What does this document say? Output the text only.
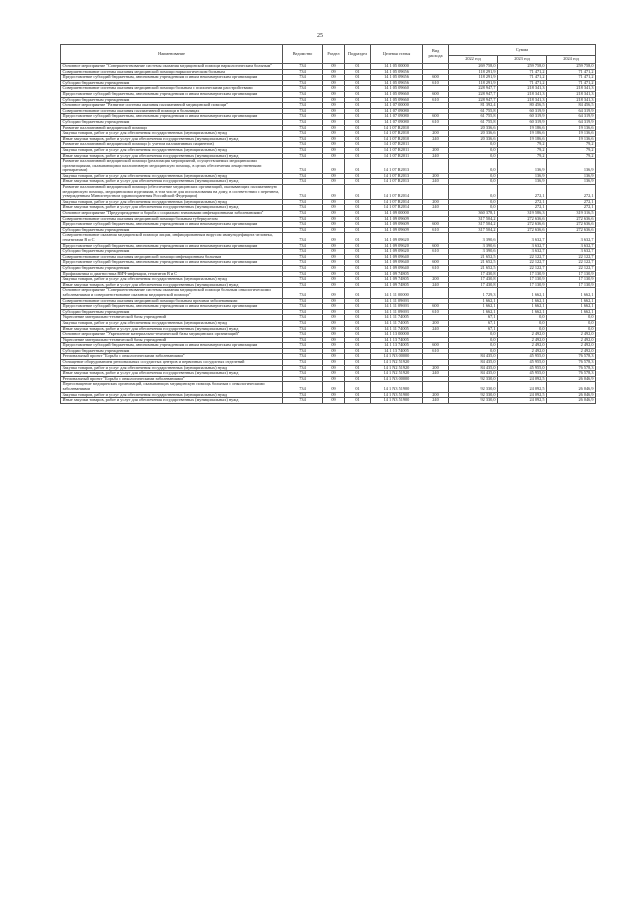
25
Наименование	Ведомство	Раздел	Подраздел	Целевая статья	Вид расхода	Сумма		
						2022 год	2023 год	2024 год
Основное мероприятие "Совершенствование системы оказания медицинской помощи наркологическим больным"	734	09	01	14 1 05 00000		269 758,0	259 758,0	259 758,0
Совершенствование системы оказания медицинской помощи наркологическим больным	734	09	01	14 1 05 09656		118 291,9	71 471,2	71 471,2
Предоставление субсидий бюджетным, автономным учреждениям и иным некоммерческим организациям	734	09	01	14 1 05 09656	600	118 291,9	71 471,2	71 471,2
Субсидии бюджетным учреждениям	734	09	01	14 1 05 09656	610	118 291,9	71 471,2	71 471,2
Совершенствование системы оказания медицинской помощи больным с психическими расстройствами	734	09	01	14 1 05 09660		228 947,7	218 341,3	218 341,3
Предоставление субсидий бюджетным, автономным учреждениям и иным некоммерческим организациям	734	09	01	14 1 05 09660	600	228 947,7	218 341,3	218 341,3
Субсидии бюджетным учреждениям	734	09	01	14 1 05 09660	610	228 947,7	218 341,3	218 341,3
Основное мероприятие "Развитие системы оказания паллиативной медицинской помощи"	734	09	01	14 1 07 00000		81 392,4	80 456,5	84 456,5
Совершенствование системы оказания паллиативной помощи в больницах	734	09	01	14 1 07 09080		61 755,8	60 319,9	64 319,9
Предоставление субсидий бюджетным, автономным учреждениям и иным некоммерческим организациям	734	09	01	14 1 07 09080	600	61 755,8	60 319,9	64 319,9
Субсидии бюджетным учреждениям	734	09	01	14 1 07 09080	610	61 755,8	60 319,9	64 319,9
Развитие паллиативной медицинской помощи	734	09	01	14 1 07 R2010		20 336,6	19 186,6	19 136,6
Закупка товаров, работ и услуг для обеспечения государственных (муниципальных) нужд	734	09	01	14 1 07 R2010	200	20 336,6	19 186,6	19 136,6
Иные закупки товаров, работ и услуг для обеспечения государственных (муниципальных) нужд	734	09	01	14 1 07 R2010	240	20 336,6	19 186,6	19 136,6
Развитие паллиативной медицинской помощи (с учетом паллиативных пациентов)	734	09	01	14 1 07 R2011		0,0	79,2	79,2
Закупка товаров, работ и услуг для обеспечения государственных (муниципальных) нужд	734	09	01	14 1 07 R2011	200	0,0	79,2	79,2
Иные закупки товаров, работ и услуг для обеспечения государственных (муниципальных) нужд	734	09	01	14 1 07 R2011	240	0,0	79,2	79,2
Развитие паллиативной медицинской помощи (реализация мероприятий, осуществляемых медицинскими организациями, оказывающими паллиативную медицинскую помощь, в целях обеспечения лекарственными препаратами)	734	09	01	14 1 07 R2013		0,0	136,9	136,9
Закупка товаров, работ и услуг для обеспечения государственных (муниципальных) нужд	734	09	01	14 1 07 R2013	200	0,0	136,9	136,9
Иные закупки товаров, работ и услуг для обеспечения государственных (муниципальных) нужд	734	09	01	14 1 07 R2013	240	0,0	136,9	136,9
Развитие паллиативной медицинской помощи (обеспечение медицинских организаций, оказывающих паллиативную медицинскую помощь, медицинскими изделиями, в том числе для использования на дому, в соответствии с перечнем, утвержденным Министерством здравоохранения Российской Федерации)	734	09	01	14 1 07 R2014		0,0	272,1	272,1
Закупка товаров, работ и услуг для обеспечения государственных (муниципальных) нужд	734	09	01	14 1 07 R2014	200	0,0	272,1	272,1
Иные закупки товаров, работ и услуг для обеспечения государственных (муниципальных) нужд	734	09	01	14 1 07 R2014	240	0,0	272,1	272,1
Основное мероприятие "Предупреждение и борьба с социально значимыми инфекционными заболеваниями"	734	09	01	14 1 09 00000		360 378,1	319 586,3	319 316,5
Совершенствование системы оказания медицинской помощи больным туберкулезом	734	09	01	14 1 09 09609		317 504,2	272 636,6	272 636,6
Предоставление субсидий бюджетным, автономным учреждениям и иным некоммерческим организациям	734	09	01	14 1 09 09609	600	317 504,2	272 636,6	272 636,6
Субсидии бюджетным учреждениям	734	09	01	14 1 09 09609	610	317 504,2	272 636,6	272 636,6
Совершенствование оказания медицинской помощи лицам, инфицированным вирусом иммунодефицита человека, гепатитами B и C	734	09	01	14 1 09 09620		3 390,6	3 632,7	3 632,7
Предоставление субсидий бюджетным, автономным учреждениям и иным некоммерческим организациям	734	09	01	14 1 09 09620	600	3 390,6	3 632,7	3 632,7
Субсидии бюджетным учреждениям	734	09	01	14 1 09 09620	610	3 390,6	3 632,7	3 632,7
Совершенствование системы оказания медицинской помощи инфекционным больным	734	09	01	14 1 09 09640		21 652,5	22 122,7	22 122,7
Предоставление субсидий бюджетным, автономным учреждениям и иным некоммерческим организациям	734	09	01	14 1 09 09640	600	21 652,5	22 122,7	22 122,7
Субсидии бюджетным учреждениям	734	09	01	14 1 09 09640	610	21 652,5	22 122,7	22 122,7
Профилактика и диагностика ВИЧ-инфекции, гепатитов B и C	734	09	01	14 1 09 74805		17 430,8	17 130,9	17 130,9
Закупка товаров, работ и услуг для обеспечения государственных (муниципальных) нужд	734	09	01	14 1 09 74805	200	17 430,8	17 130,9	17 130,9
Иные закупки товаров, работ и услуг для обеспечения государственных (муниципальных) нужд	734	09	01	14 1 09 74805	240	17 430,8	17 130,9	17 130,9
Основное мероприятие "Совершенствование системы оказания медицинской помощи больным онкологическими заболеваниями и совершенствование оказания медицинской помощи"	734	09	01	14 1 11 00000		1 729,3	1 662,1	1 662,1
Совершенствование системы оказания медицинской помощи больным прочими заболеваниями	734	09	01	14 1 11 09693		1 662,1	1 662,1	1 662,1
Предоставление субсидий бюджетным, автономным учреждениям и иным некоммерческим организациям	734	09	01	14 1 11 09693	600	1 662,1	1 662,1	1 662,1
Субсидии бюджетным учреждениям	734	09	01	14 1 11 09693	610	1 662,1	1 662,1	1 662,1
Укрепление материально-технической базы учреждений	734	09	01	14 1 11 74005		67,1	0,0	0,0
Закупка товаров, работ и услуг для обеспечения государственных (муниципальных) нужд	734	09	01	14 1 11 74005	200	67,1	0,0	0,0
Иные закупки товаров, работ и услуг для обеспечения государственных (муниципальных) нужд	734	09	01	14 1 11 74005	240	67,1	0,0	0,0
Основное мероприятие "Укрепление материально-технической базы медицинских организаций"	734	09	01	14 1 13 00000		0,0	2 492,0	2 492,0
Укрепление материально-технической базы учреждений	734	09	01	14 1 13 74005		0,0	2 492,0	2 492,0
Предоставление субсидий бюджетным, автономным учреждениям и иным некоммерческим организациям	734	09	01	14 1 13 74005	600	0,0	2 492,0	2 492,0
Субсидии бюджетным учреждениям	734	09	01	14 1 13 74005	610	0,0	2 492,0	2 492,0
Региональный проект "Борьба с онкологическими заболеваниями"	734	09	01	14 1 N3 00000		84 435,0	45 955,0	76 578,3
Оснащение оборудованием региональных сосудистых центров и первичных сосудистых отделений	734	09	01	14 1 N2 51920		84 435,0	45 955,0	76 578,3
Закупка товаров, работ и услуг для обеспечения государственных (муниципальных) нужд	734	09	01	14 1 N2 51920	200	84 435,0	45 955,0	76 578,3
Иные закупки товаров, работ и услуг для обеспечения государственных (муниципальных) нужд	734	09	01	14 1 N2 51920	240	84 435,0	45 955,0	76 578,3
Региональный проект "Борьба с онкологическими заболеваниями"	734	09	01	14 1 N3 00000		92 330,0	24 092,5	26 046,9
Переоснащение медицинских организаций, оказывающих медицинскую помощь больным с онкологическими заболеваниями	734	09	01	14 1 N3 51900		92 330,0	24 092,5	26 046,9
Закупка товаров, работ и услуг для обеспечения государственных (муниципальных) нужд	734	09	01	14 1 N3 51900	200	92 330,0	24 092,5	26 046,9
Иные закупки товаров, работ и услуг для обеспечения государственных (муниципальных) нужд	734	09	01	14 1 N3 51900	240	92 330,0	24 092,5	26 046,9
